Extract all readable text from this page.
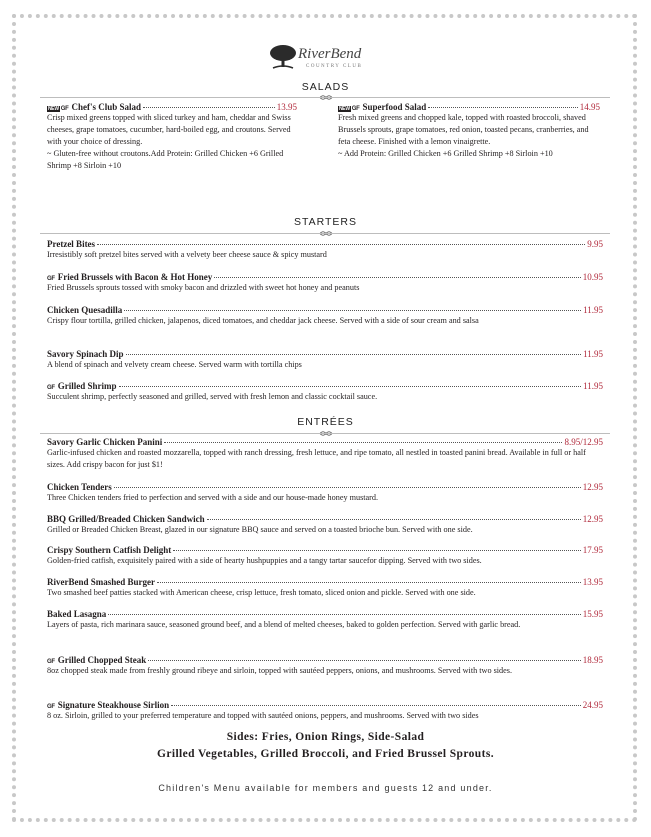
RiverBend
COUNTRY CLUB
SALADS
NEW GF Chef's Club Salad	13.95
Crisp mixed greens topped with sliced turkey and ham, cheddar and Swiss cheeses, grape tomatoes, cucumber, hard-boiled egg, and croutons. Served with your choice of dressing.
~ Gluten-free without croutons.Add Protein: Grilled Chicken +6 Grilled Shrimp +8 Sirloin +10
NEW GF Superfood Salad	14.95
Fresh mixed greens and chopped kale, topped with roasted broccoli, shaved Brussels sprouts, grape tomatoes, red onion, toasted pecans, cranberries, and feta cheese. Finished with a lemon vinaigrette.
~ Add Protein: Grilled Chicken +6 Grilled Shrimp +8 Sirloin +10
STARTERS
Pretzel Bites	9.95
Irresistibly soft pretzel bites served with a velvety beer cheese sauce & spicy mustard
GF Fried Brussels with Bacon & Hot Honey	10.95
Fried Brussels sprouts tossed with smoky bacon and drizzled with sweet hot honey and peanuts
Chicken Quesadilla	11.95
Crispy flour tortilla, grilled chicken, jalapenos, diced tomatoes, and cheddar jack cheese. Served with a side of sour cream and salsa
Savory Spinach Dip	11.95
A blend of spinach and velvety cream cheese. Served warm with tortilla chips
GF Grilled Shrimp	11.95
Succulent shrimp, perfectly seasoned and grilled, served with fresh lemon and classic cocktail sauce.
ENTRÉES
Savory Garlic Chicken Panini	8.95/12.95
Garlic-infused chicken and roasted mozzarella, topped with ranch dressing, fresh lettuce, and ripe tomato, all nestled in toasted panini bread. Available in full or half sizes. Add crispy bacon for just $1!
Chicken Tenders	12.95
Three Chicken tenders fried to perfection and served with a side and our house-made honey mustard.
BBQ Grilled/Breaded Chicken Sandwich	12.95
Grilled or Breaded Chicken Breast, glazed in our signature BBQ sauce and served on a toasted brioche bun. Served with one side.
Crispy Southern Catfish Delight	17.95
Golden-fried catfish, exquisitely paired with a side of hearty hushpuppies and a tangy tartar saucefor dipping. Served with two sides.
RiverBend Smashed Burger	13.95
Two smashed beef patties stacked with American cheese, crisp lettuce, fresh tomato, sliced onion and pickle. Served with one side.
Baked Lasagna	15.95
Layers of pasta, rich marinara sauce, seasoned ground beef, and a blend of melted cheeses, baked to golden perfection. Served with garlic bread.
GF Grilled Chopped Steak	18.95
8oz chopped steak made from freshly ground ribeye and sirloin, topped with sautéed peppers, onions, and mushrooms. Served with two sides.
GF Signature Steakhouse Sirlion	24.95
8 oz. Sirloin, grilled to your preferred temperature and topped with sautéed onions, peppers, and mushrooms. Served with two sides
Sides: Fries, Onion Rings, Side-Salad
Grilled Vegetables, Grilled Broccoli, and Fried Brussel Sprouts.
Children's Menu available for members and guests 12 and under.
